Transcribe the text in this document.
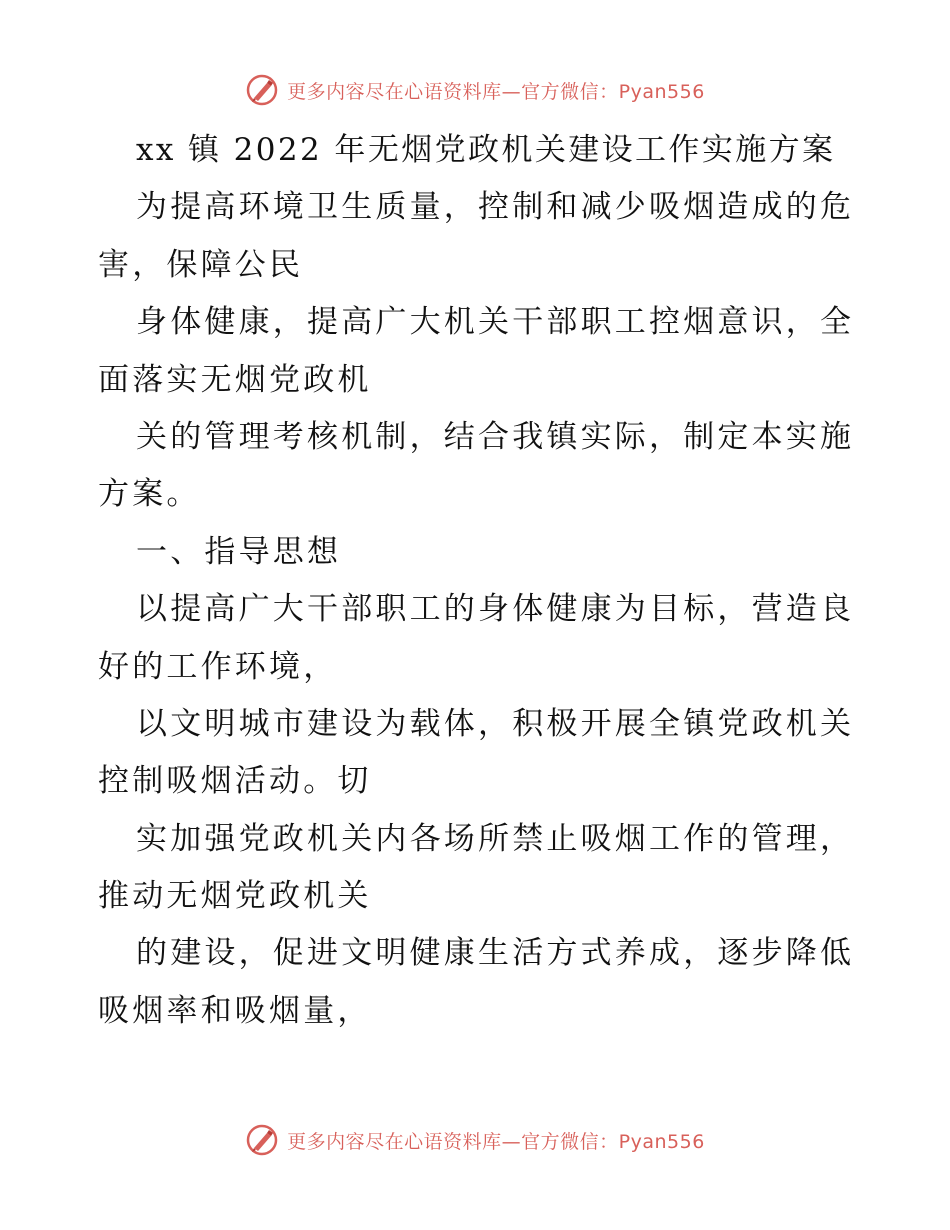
更多内容尽在心语资料库—官方微信：Pyan556
xx 镇 2022 年无烟党政机关建设工作实施方案
为提高环境卫生质量，控制和减少吸烟造成的危
害，保障公民
身体健康，提高广大机关干部职工控烟意识，全
面落实无烟党政机
关的管理考核机制，结合我镇实际，制定本实施
方案。
一、指导思想
以提高广大干部职工的身体健康为目标，营造良
好的工作环境，
以文明城市建设为载体，积极开展全镇党政机关
控制吸烟活动。切
实加强党政机关内各场所禁止吸烟工作的管理，
推动无烟党政机关
的建设，促进文明健康生活方式养成，逐步降低
吸烟率和吸烟量，
更多内容尽在心语资料库—官方微信：Pyan556
